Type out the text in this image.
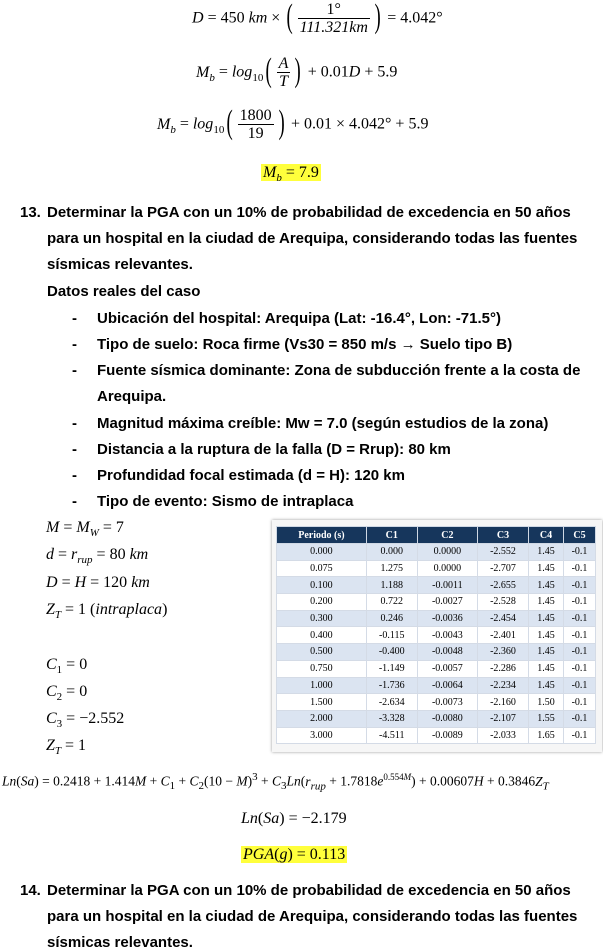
D = 450 km × ( $\frac{1^\circ}{111.321km}$ ) = 4.042°
$M_b = \log_{10}( \frac{A}{T}$ ) + 0.01D + 5.9
$M_b = \log_{10}( \frac{1800}{19}$ ) + 0.01 × 4.042° + 5.9
$M_b = 7.9$
13. Determinar la PGA con un 10% de probabilidad de excedencia en 50 años
para un hospital en la ciudad de Arequipa, considerando todas las fuentes
sísmicas relevantes.
Datos reales del caso
- Ubicación del hospital: Arequipa (Lat: -16.4°, Lon: -71.5°)
- Tipo de suelo: Roca firme (Vs30 = 850 m/s → Suelo tipo B)
- Fuente sísmica dominante: Zona de subducción frente a la costa de
Arequipa.
- Magnitud máxima creíble: Mw = 7.0 (según estudios de la zona)
- Distancia a la ruptura de la falla (D = Rrup): 80 km
- Profundidad focal estimada (d = H): 120 km
- Tipo de evento: Sismo de intraplaca
$M = M_W = 7$
$d = r_{rup} = 80$ km
D = H = 120 km
$Z_T = 1$ (intraplaca)
$C_1 = 0$
$C_2 = 0$
$C_3 = -2.552$
$Z_T = 1$
Periodo (s)	C1	C2	C3	C4	C5
0.000	0.000	0.0000	-2.552	1.45	-0.1
0.075	1.275	0.0000	-2.707	1.45	-0.1
0.100	1.188	-0.0011	-2.655	1.45	-0.1
0.200	0.722	-0.0027	-2.528	1.45	-0.1
0.300	0.246	-0.0036	-2.454	1.45	-0.1
0.400	-0.115	-0.0043	-2.401	1.45	-0.1
0.500	-0.400	-0.0048	-2.360	1.45	-0.1
0.750	-1.149	-0.0057	-2.286	1.45	-0.1
1.000	-1.736	-0.0064	-2.234	1.45	-0.1
1.500	-2.634	-0.0073	-2.160	1.50	-0.1
2.000	-3.328	-0.0080	-2.107	1.55	-0.1
3.000	-4.511	-0.0089	-2.033	1.65	-0.1
$Ln(Sa) = 0.2418 + 1.414M + C_1 + C_2(10 - M)^3 + C_3Ln(r_{rup} + 1.7818e^{0.554M}) + 0.00607H + 0.3846Z_T$
Ln(Sa) = −2.179
PGA(g) = 0.113
14. Determinar la PGA con un 10% de probabilidad de excedencia en 50 años
para un hospital en la ciudad de Arequipa, considerando todas las fuentes
sísmicas relevantes.
